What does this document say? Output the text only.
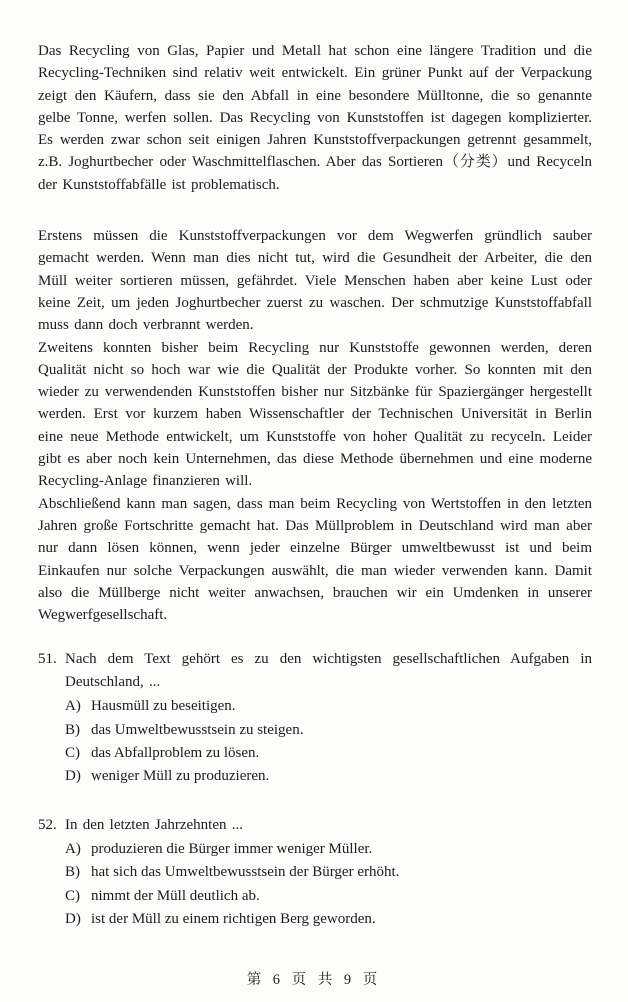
Das Recycling von Glas, Papier und Metall hat schon eine längere Tradition und die Recycling-Techniken sind relativ weit entwickelt. Ein grüner Punkt auf der Verpackung zeigt den Käufern, dass sie den Abfall in eine besondere Mülltonne, die so genannte gelbe Tonne, werfen sollen. Das Recycling von Kunststoffen ist dagegen komplizierter. Es werden zwar schon seit einigen Jahren Kunststoffverpackungen getrennt gesammelt, z.B. Joghurtbecher oder Waschmittelflaschen. Aber das Sortieren（分类）und Recyceln der Kunststoffabfälle ist problematisch.

Erstens müssen die Kunststoffverpackungen vor dem Wegwerfen gründlich sauber gemacht werden. Wenn man dies nicht tut, wird die Gesundheit der Arbeiter, die den Müll weiter sortieren müssen, gefährdet. Viele Menschen haben aber keine Lust oder keine Zeit, um jeden Joghurtbecher zuerst zu waschen. Der schmutzige Kunststoffabfall muss dann doch verbrannt werden.

Zweitens konnten bisher beim Recycling nur Kunststoffe gewonnen werden, deren Qualität nicht so hoch war wie die Qualität der Produkte vorher. So konnten mit den wieder zu verwendenden Kunststoffen bisher nur Sitzbänke für Spaziergänger hergestellt werden. Erst vor kurzem haben Wissenschaftler der Technischen Universität in Berlin eine neue Methode entwickelt, um Kunststoffe von hoher Qualität zu recyceln. Leider gibt es aber noch kein Unternehmen, das diese Methode übernehmen und eine moderne Recycling-Anlage finanzieren will.

Abschließend kann man sagen, dass man beim Recycling von Wertstoffen in den letzten Jahren große Fortschritte gemacht hat. Das Müllproblem in Deutschland wird man aber nur dann lösen können, wenn jeder einzelne Bürger umweltbewusst ist und beim Einkaufen nur solche Verpackungen auswählt, die man wieder verwenden kann. Damit also die Müllberge nicht weiter anwachsen, brauchen wir ein Umdenken in unserer Wegwerfgesellschaft.

51. Nach dem Text gehört es zu den wichtigsten gesellschaftlichen Aufgaben in Deutschland, ...
A) Hausmüll zu beseitigen.
B) das Umweltbewusstsein zu steigen.
C) das Abfallproblem zu lösen.
D) weniger Müll zu produzieren.
52. In den letzten Jahrzehnten ...
A) produzieren die Bürger immer weniger Müller.
B) hat sich das Umweltbewusstsein der Bürger erhöht.
C) nimmt der Müll deutlich ab.
D) ist der Müll zu einem richtigen Berg geworden.
第 6 页 共 9 页
